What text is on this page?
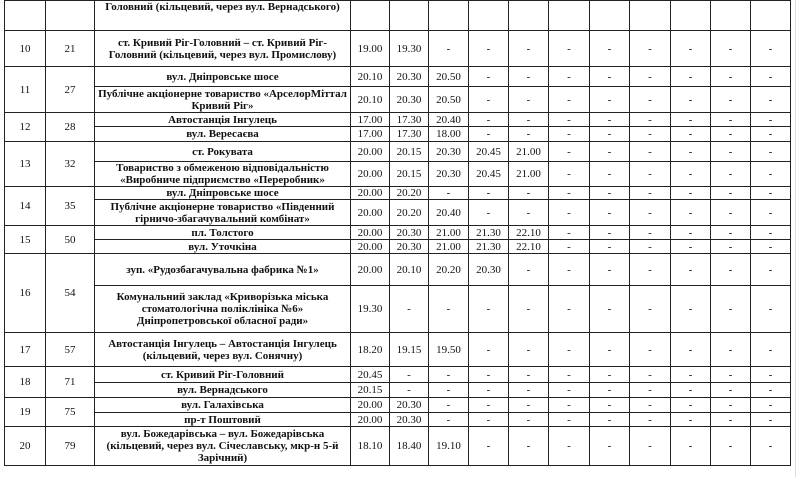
		Головний (кільцевий, через вул. Вернадського)											
10	21	ст. Кривий Ріг-Головний – ст. Кривий Ріг-Головний (кільцевий, через вул. Промислову)	19.00	19.30	-	-	-	-	-	-	-	-	-
11	27	вул. Дніпровське шосе	20.10	20.30	20.50	-	-	-	-	-	-	-	-
		Публічне акціонерне товариство «АрселорМіттал Кривий Ріг»	20.10	20.30	20.50	-	-	-	-	-	-	-	-
12	28	Автостанція Інгулець	17.00	17.30	20.40	-	-	-	-	-	-	-	-
		вул. Вересаєва	17.00	17.30	18.00	-	-	-	-	-	-	-	-
13	32	ст. Рокувата	20.00	20.15	20.30	20.45	21.00	-	-	-	-	-	-
		Товариство з обмеженою відповідальністю «Виробниче підприємство «Переробник»	20.00	20.15	20.30	20.45	21.00	-	-	-	-	-	-
14	35	вул. Дніпровське шосе	20.00	20.20	-	-	-	-	-	-	-	-	-
		Публічне акціонерне товариство «Південний гірничо-збагачувальний комбінат»	20.00	20.20	20.40	-	-	-	-	-	-	-	-
15	50	пл. Толстого	20.00	20.30	21.00	21.30	22.10	-	-	-	-	-	-
		вул. Уточкіна	20.00	20.30	21.00	21.30	22.10	-	-	-	-	-	-
16	54	зуп. «Рудозбагачувальна фабрика №1»	20.00	20.10	20.20	20.30	-	-	-	-	-	-	-
		Комунальний заклад «Криворізька міська стоматологічна поліклініка №6» Дніпропетровської обласної ради»	19.30	-	-	-	-	-	-	-	-	-	-
17	57	Автостанція Інгулець – Автостанція Інгулець (кільцевий, через вул. Сонячну)	18.20	19.15	19.50	-	-	-	-	-	-	-	-
18	71	ст. Кривий Ріг-Головний	20.45	-	-	-	-	-	-	-	-	-	-
		вул. Вернадського	20.15	-	-	-	-	-	-	-	-	-	-
19	75	вул. Галахівська	20.00	20.30	-	-	-	-	-	-	-	-	-
		пр-т Поштовий	20.00	20.30	-	-	-	-	-	-	-	-	-
20	79	вул. Божедарівська – вул. Божедарівська (кільцевий, через вул. Січеславську, мкр-н 5-й Зарічний)	18.10	18.40	19.10	-	-	-	-	-	-	-	-
